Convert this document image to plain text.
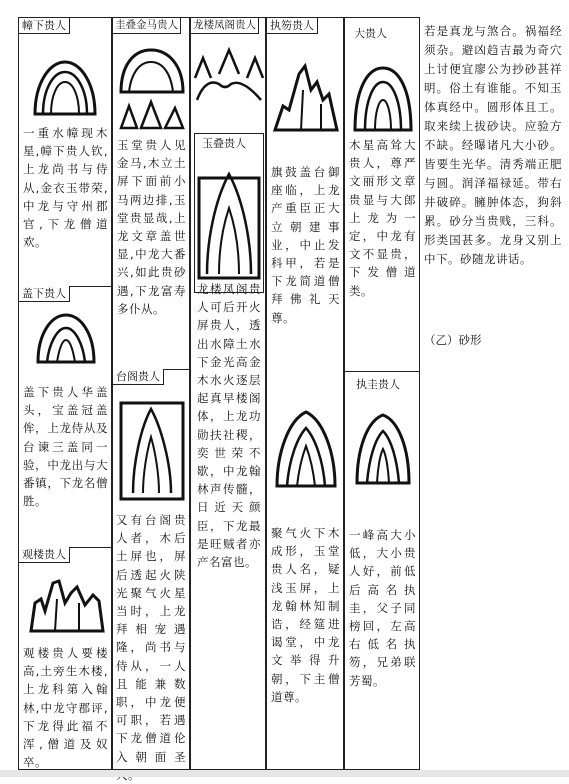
幛下贵人
一重水幛现木星,幛下贵人钦,上龙尚书与侍从,金衣玉带荣,中龙与守州郡官,下龙僧道欢。
盖下贵人
盖下贵人华盖头，宝盖冠盖侔，上龙侍从及台谏三盖同一验，中龙出与大番镇，下龙名僧胜。
观楼贵人
观楼贵人要楼高,土旁生木楼,上龙科第入翰林,中龙守郡评,下龙得此福不浑,僧道及奴卒。
圭叠金马贵人
玉堂贵人见金马,木立土屏下面前小马两边排,玉堂贵显哉,上龙文章盖世显,中龙大番兴,如此贵砂遇,下龙富寿多仆从。
台阁贵人
又有台阁贵人者，木后土屏也，屏后透起火陕光聚气火星当时，上龙拜相宠遇隆，尚书与侍从，一人且能兼数职，中龙便可职，若遇下龙僧道伦入朝面圣
龙楼凤阁贵人
玉叠贵人
龙楼凤阁贵人可后开火屏贵人，透出水障土水下金光高金木水火逐层起真早楼阁体，上龙功勋扶社稷，奕世荣不歇，中龙翰林声传髓，日近天颜臣，下龙最是旺贼者亦产名富也。
执笏贵人
旗鼓盖台御座临，上龙产重臣正大立朝建事业，中止发科甲，若是下龙简道僧拜佛礼天尊。
聚气火下木成形，玉堂贵人名，疑浅玉屏，上龙翰林知制诰，经筵进谒堂，中龙文举得升朝，下主僧道尊。
大贵人
木星高耸大贵人，尊严文丽形文章贵显与大郎上龙为一定，中龙有文不显贵，下发僧道类。
执圭贵人
一峰高大小低，大小贵人好，前低后高名执圭，父子同榜回，左高右低名执笏，兄弟联芳蜀。
若是真龙与煞合。祸福经须杂。避凶趋吉最为奇穴上讨便宜廖公为抄砂甚祥明。俗土有谁能。不知玉体真经中。圆形体且工。取来续上拔砂诀。应验方不缺。经曝诸凡大小砂。皆要生光华。清秀端正肥与圆。润泽福禄延。带右井破碎。臃肿体态，狗斜累。砂分当贵贱，三科。形类国甚多。龙身又别上中下。砂随龙讲话。
（乙）砂形
